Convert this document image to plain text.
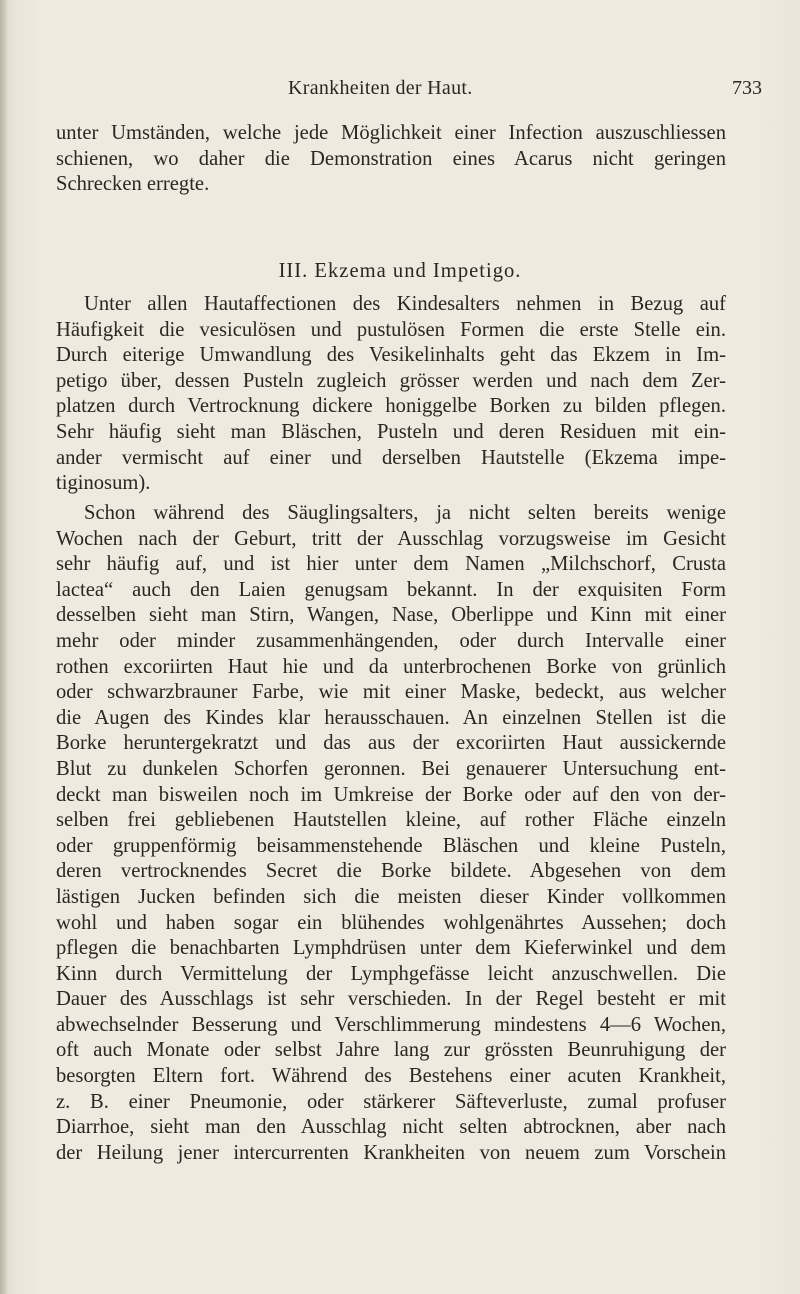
Krankheiten der Haut.	733
unter Umständen, welche jede Möglichkeit einer Infection auszuschliessen
schienen, wo daher die Demonstration eines Acarus nicht geringen
Schrecken erregte.
III. Ekzema und Impetigo.
Unter allen Hautaffectionen des Kindesalters nehmen in Bezug auf
Häufigkeit die vesiculösen und pustulösen Formen die erste Stelle ein.
Durch eiterige Umwandlung des Vesikelinhalts geht das Ekzem in Im-
petigo über, dessen Pusteln zugleich grösser werden und nach dem Zer-
platzen durch Vertrocknung dickere honiggelbe Borken zu bilden pflegen.
Sehr häufig sieht man Bläschen, Pusteln und deren Residuen mit ein-
ander vermischt auf einer und derselben Hautstelle (Ekzema impe-
tiginosum).
Schon während des Säuglingsalters, ja nicht selten bereits wenige
Wochen nach der Geburt, tritt der Ausschlag vorzugsweise im Gesicht
sehr häufig auf, und ist hier unter dem Namen „Milchschorf, Crusta
lactea“ auch den Laien genugsam bekannt. In der exquisiten Form
desselben sieht man Stirn, Wangen, Nase, Oberlippe und Kinn mit einer
mehr oder minder zusammenhängenden, oder durch Intervalle einer
rothen excoriirten Haut hie und da unterbrochenen Borke von grünlich
oder schwarzbrauner Farbe, wie mit einer Maske, bedeckt, aus welcher
die Augen des Kindes klar herausschauen. An einzelnen Stellen ist die
Borke heruntergekratzt und das aus der excoriirten Haut aussickernde
Blut zu dunkelen Schorfen geronnen. Bei genauerer Untersuchung ent-
deckt man bisweilen noch im Umkreise der Borke oder auf den von der-
selben frei gebliebenen Hautstellen kleine, auf rother Fläche einzeln
oder gruppenförmig beisammenstehende Bläschen und kleine Pusteln,
deren vertrocknendes Secret die Borke bildete. Abgesehen von dem
lästigen Jucken befinden sich die meisten dieser Kinder vollkommen
wohl und haben sogar ein blühendes wohlgenährtes Aussehen; doch
pflegen die benachbarten Lymphdrüsen unter dem Kieferwinkel und dem
Kinn durch Vermittelung der Lymphgefässe leicht anzuschwellen. Die
Dauer des Ausschlags ist sehr verschieden. In der Regel besteht er mit
abwechselnder Besserung und Verschlimmerung mindestens 4—6 Wochen,
oft auch Monate oder selbst Jahre lang zur grössten Beunruhigung der
besorgten Eltern fort. Während des Bestehens einer acuten Krankheit,
z. B. einer Pneumonie, oder stärkerer Säfteverluste, zumal profuser
Diarrhoe, sieht man den Ausschlag nicht selten abtrocknen, aber nach
der Heilung jener intercurrenten Krankheiten von neuem zum Vorschein
